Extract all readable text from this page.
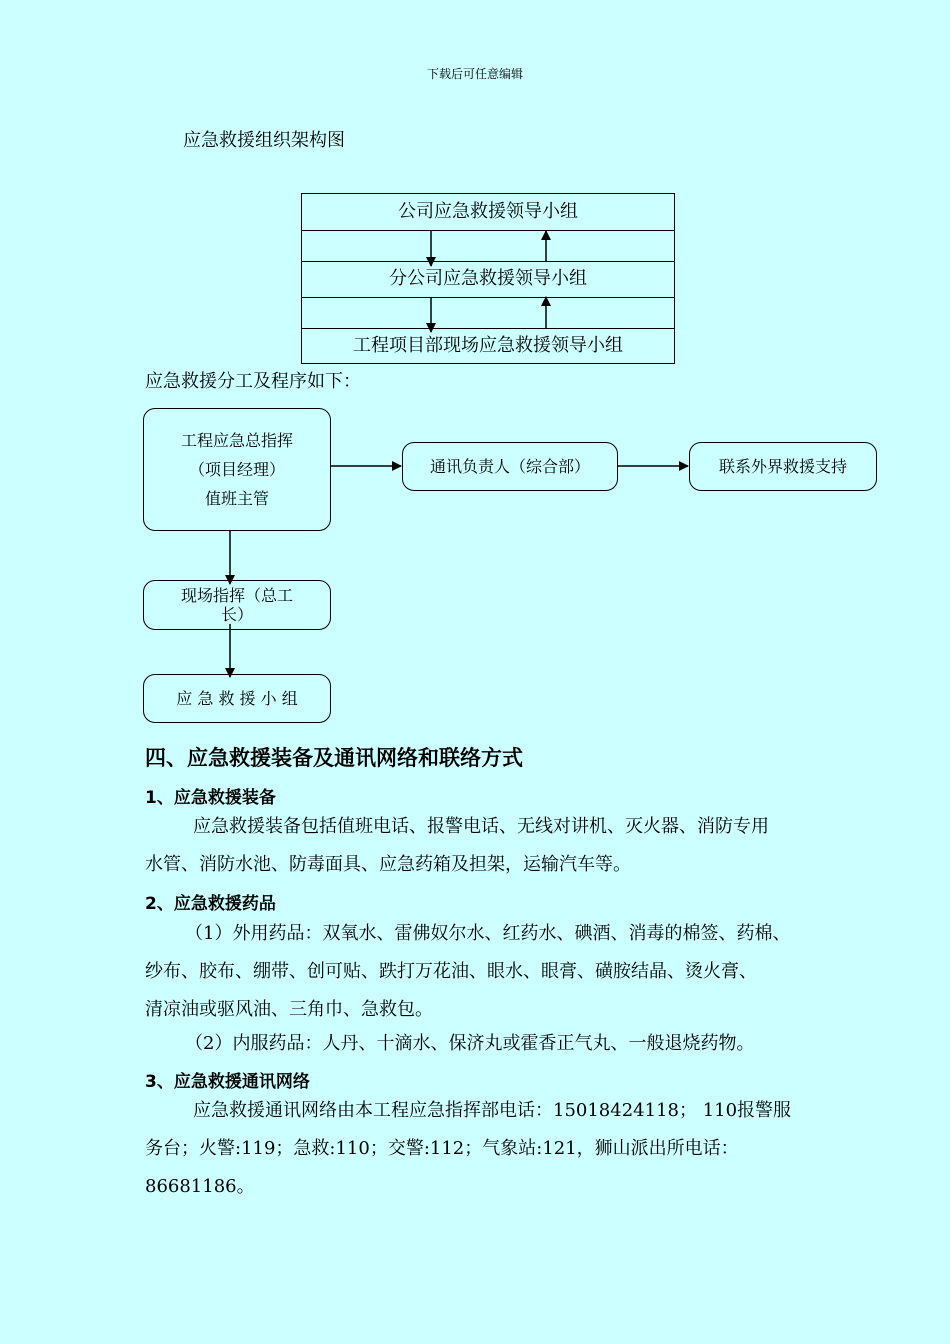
下载后可任意编辑
应急救援组织架构图
公司应急救援领导小组
分公司应急救援领导小组
工程项目部现场应急救援领导小组
应急救援分工及程序如下：
工程应急总指挥
（项目经理）
值班主管
通讯负责人（综合部）	联系外界救援支持
现场指挥（总工
长）
应 急 救 援 小 组
四、应急救援装备及通讯网络和联络方式
1、应急救援装备
应急救援装备包括值班电话、报警电话、无线对讲机、灭火器、消防专用
水管、消防水池、防毒面具、应急药箱及担架，运输汽车等。
2、应急救援药品
（1）外用药品：双氧水、雷佛奴尔水、红药水、碘酒、消毒的棉签、药棉、
纱布、胶布、绷带、创可贴、跌打万花油、眼水、眼膏、磺胺结晶、烫火膏、
清凉油或驱风油、三角巾、急救包。
（2）内服药品：人丹、十滴水、保济丸或霍香正气丸、一般退烧药物。
3、应急救援通讯网络
应急救援通讯网络由本工程应急指挥部电话：15018424118； 110报警服
务台；火警:119；急救:110；交警:112；气象站:121，狮山派出所电话：
86681186。
